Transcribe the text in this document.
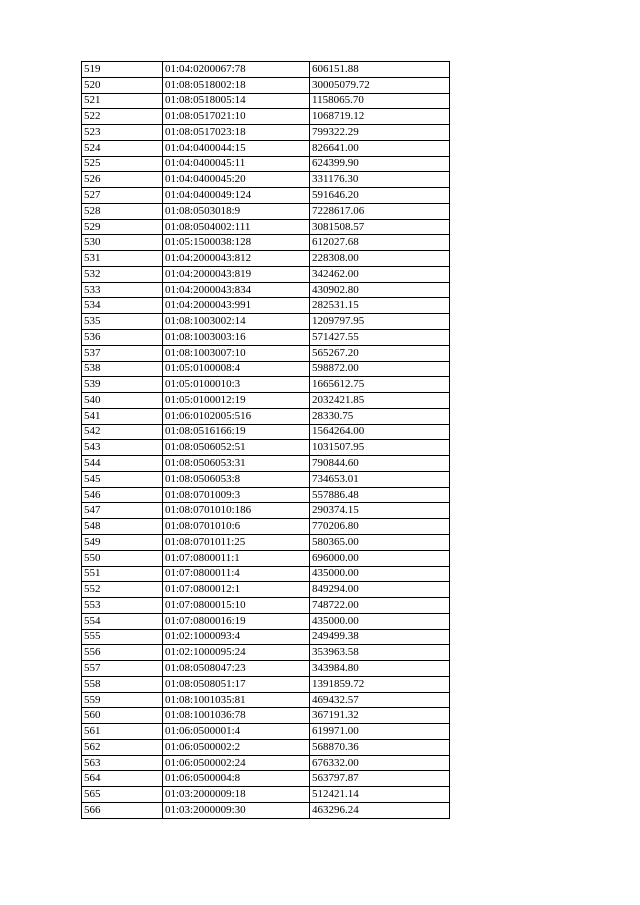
519	01:04:0200067:78	606151.88
520	01:08:0518002:18	30005079.72
521	01:08:0518005:14	1158065.70
522	01:08:0517021:10	1068719.12
523	01:08:0517023:18	799322.29
524	01:04:0400044:15	826641.00
525	01:04:0400045:11	624399.90
526	01:04:0400045:20	331176.30
527	01:04:0400049:124	591646.20
528	01:08:0503018:9	7228617.06
529	01:08:0504002:111	3081508.57
530	01:05:1500038:128	612027.68
531	01:04:2000043:812	228308.00
532	01:04:2000043:819	342462.00
533	01:04:2000043:834	430902.80
534	01:04:2000043:991	282531.15
535	01:08:1003002:14	1209797.95
536	01:08:1003003:16	571427.55
537	01:08:1003007:10	565267.20
538	01:05:0100008:4	598872.00
539	01:05:0100010:3	1665612.75
540	01:05:0100012:19	2032421.85
541	01:06:0102005:516	28330.75
542	01:08:0516166:19	1564264.00
543	01:08:0506052:51	1031507.95
544	01:08:0506053:31	790844.60
545	01:08:0506053:8	734653.01
546	01:08:0701009:3	557886.48
547	01:08:0701010:186	290374.15
548	01:08:0701010:6	770206.80
549	01:08:0701011:25	580365.00
550	01:07:0800011:1	696000.00
551	01:07:0800011:4	435000.00
552	01:07:0800012:1	849294.00
553	01:07:0800015:10	748722.00
554	01:07:0800016:19	435000.00
555	01:02:1000093:4	249499.38
556	01:02:1000095:24	353963.58
557	01:08:0508047:23	343984.80
558	01:08:0508051:17	1391859.72
559	01:08:1001035:81	469432.57
560	01:08:1001036:78	367191.32
561	01:06:0500001:4	619971.00
562	01:06:0500002:2	568870.36
563	01:06:0500002:24	676332.00
564	01:06:0500004:8	563797.87
565	01:03:2000009:18	512421.14
566	01:03:2000009:30	463296.24
